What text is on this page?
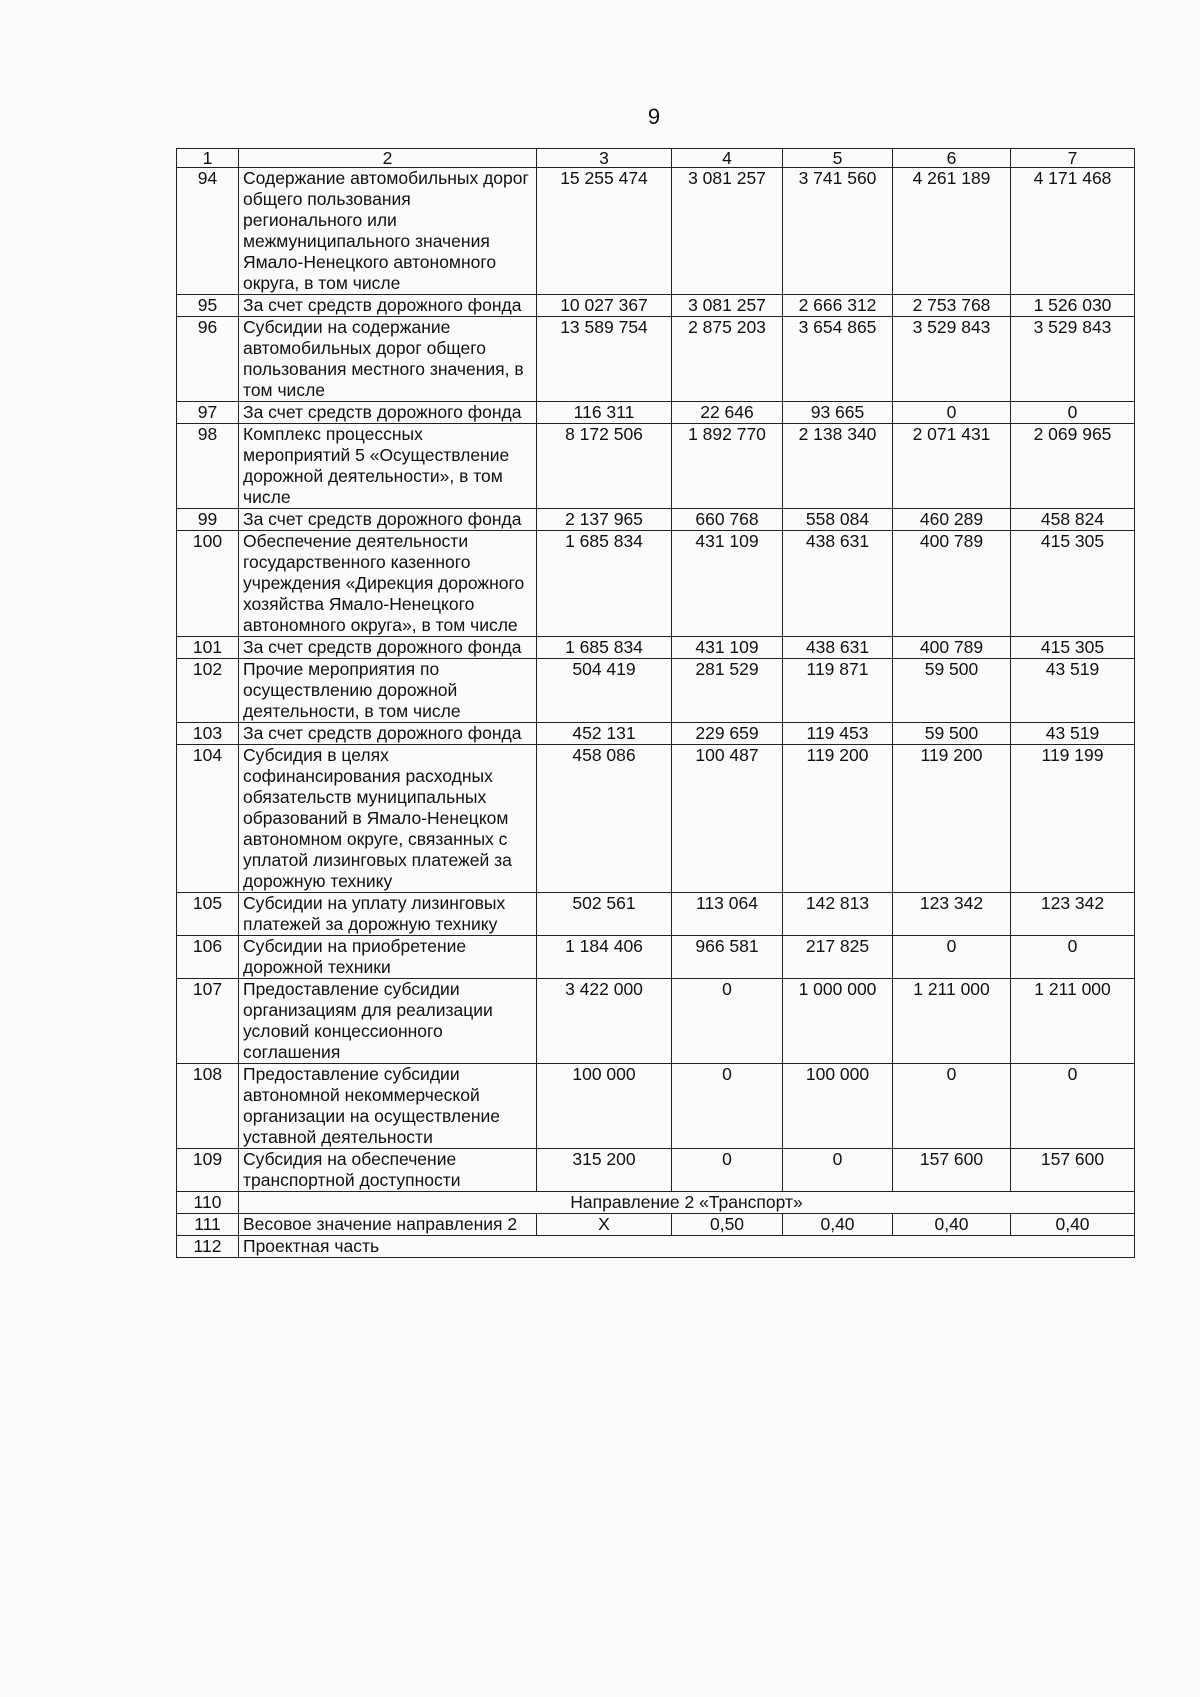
9
1	2	3	4	5	6	7
94	Содержание автомобильных дорог общего пользования регионального или межмуниципального значения Ямало-Ненецкого автономного округа, в том числе	15 255 474	3 081 257	3 741 560	4 261 189	4 171 468
95	За счет средств дорожного фонда	10 027 367	3 081 257	2 666 312	2 753 768	1 526 030
96	Субсидии на содержание автомобильных дорог общего пользования местного значения, в том числе	13 589 754	2 875 203	3 654 865	3 529 843	3 529 843
97	За счет средств дорожного фонда	116 311	22 646	93 665	0	0
98	Комплекс процессных мероприятий 5 «Осуществление дорожной деятельности», в том числе	8 172 506	1 892 770	2 138 340	2 071 431	2 069 965
99	За счет средств дорожного фонда	2 137 965	660 768	558 084	460 289	458 824
100	Обеспечение деятельности государственного казенного учреждения «Дирекция дорожного хозяйства Ямало-Ненецкого автономного округа», в том числе	1 685 834	431 109	438 631	400 789	415 305
101	За счет средств дорожного фонда	1 685 834	431 109	438 631	400 789	415 305
102	Прочие мероприятия по осуществлению дорожной деятельности, в том числе	504 419	281 529	119 871	59 500	43 519
103	За счет средств дорожного фонда	452 131	229 659	119 453	59 500	43 519
104	Субсидия в целях софинансирования расходных обязательств муниципальных образований в Ямало-Ненецком автономном округе, связанных с уплатой лизинговых платежей за дорожную технику	458 086	100 487	119 200	119 200	119 199
105	Субсидии на уплату лизинговых платежей за дорожную технику	502 561	113 064	142 813	123 342	123 342
106	Субсидии на приобретение дорожной техники	1 184 406	966 581	217 825	0	0
107	Предоставление субсидии организациям для реализации условий концессионного соглашения	3 422 000	0	1 000 000	1 211 000	1 211 000
108	Предоставление субсидии автономной некоммерческой организации на осуществление уставной деятельности	100 000	0	100 000	0	0
109	Субсидия на обеспечение транспортной доступности	315 200	0	0	157 600	157 600
110	Направление 2 «Транспорт»					
111	Весовое значение направления 2	Х	0,50	0,40	0,40	0,40
112	Проектная часть					
